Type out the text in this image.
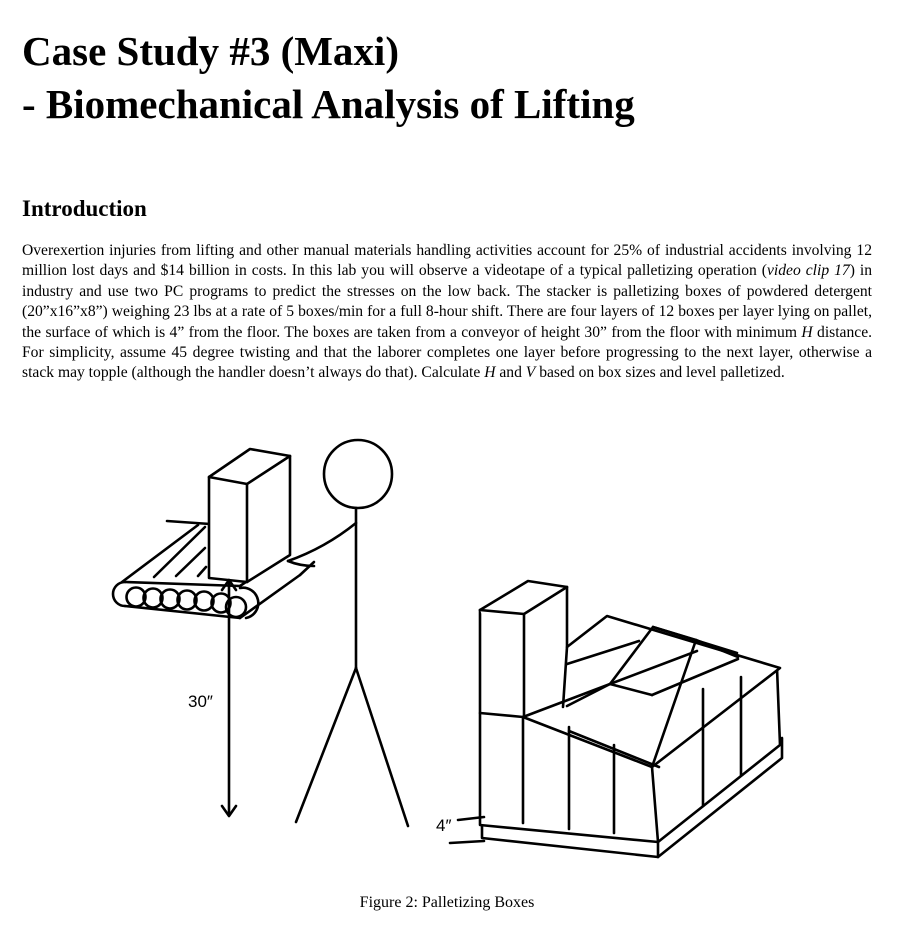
Case Study #3 (Maxi)
- Biomechanical Analysis of Lifting
Introduction

Overexertion injuries from lifting and other manual materials handling activities account for 25% of industrial accidents involving 12 million lost days and $14 billion in costs. In this lab you will observe a videotape of a typical palletizing operation (video clip 17) in industry and use two PC programs to predict the stresses on the low back. The stacker is palletizing boxes of powdered detergent (20”x16”x8”) weighing 23 lbs at a rate of 5 boxes/min for a full 8-hour shift. There are four layers of 12 boxes per layer lying on pallet, the surface of which is 4” from the floor. The boxes are taken from a conveyor of height 30” from the floor with minimum H distance. For simplicity, assume 45 degree twisting and that the laborer completes one layer before progressing to the next layer, otherwise a stack may topple (although the handler doesn’t always do that). Calculate H and V based on box sizes and level palletized.

30″
4″

Figure 2: Palletizing Boxes
